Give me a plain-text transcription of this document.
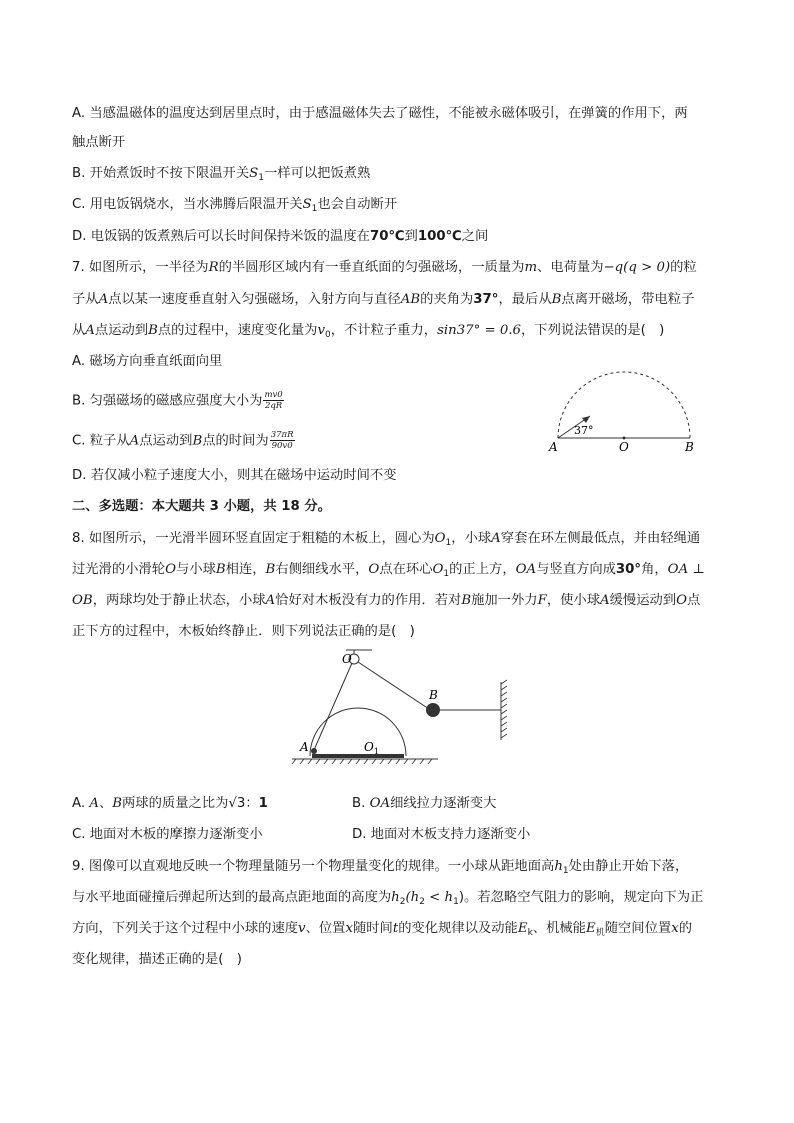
A. 当感温磁体的温度达到居里点时，由于感温磁体失去了磁性，不能被永磁体吸引，在弹簧的作用下，两
触点断开
B. 开始煮饭时不按下限温开关$S_1$一样可以把饭煮熟
C. 用电饭锅烧水，当水沸腾后限温开关$S_1$也会自动断开
D. 电饭锅的饭煮熟后可以长时间保持米饭的温度在70℃到100℃之间
7. 如图所示，一半径为R的半圆形区域内有一垂直纸面的匀强磁场，一质量为m、电荷量为−q(q > 0)的粒
子从A点以某一速度垂直射入匀强磁场，入射方向与直径AB的夹角为37°，最后从B点离开磁场，带电粒子
从A点运动到B点的过程中，速度变化量为$v_0$，不计粒子重力，sin37° = 0.6，下列说法错误的是(　)
A. 磁场方向垂直纸面向里
B. 匀强磁场的磁感应强度大小为 $\frac{mv0}{2qR}$
C. 粒子从A点运动到B点的时间为 $\frac{37\pi R}{90v0}$
D. 若仅减小粒子速度大小，则其在磁场中运动时间不变
A	O	B
37°
二、多选题：本大题共 3 小题，共 18 分。
8. 如图所示，一光滑半圆环竖直固定于粗糙的木板上，圆心为$O_1$，小球A穿套在环左侧最低点，并由轻绳通
过光滑的小滑轮O与小球B相连，B右侧细线水平，O点在环心$O_1$的正上方，OA与竖直方向成30°角，OA ⊥
OB，两球均处于静止状态，小球A恰好对木板没有力的作用．若对B施加一外力F，使小球A缓慢运动到O点
正下方的过程中，木板始终静止．则下列说法正确的是(　)
O
B
A	$O_1$
A. A、B两球的质量之比为√3：1	B. OA细线拉力逐渐变大
C. 地面对木板的摩擦力逐渐变小	D. 地面对木板支持力逐渐变小
9. 图像可以直观地反映一个物理量随另一个物理量变化的规律。一小球从距地面高$h_1$处由静止开始下落，
与水平地面碰撞后弹起所达到的最高点距地面的高度为$h_2(h_2 < h_1)$。若忽略空气阻力的影响，规定向下为正
方向，下列关于这个过程中小球的速度v、位置x随时间t的变化规律以及动能$E_k$、机械能$E_机$随空间位置x的
变化规律，描述正确的是(　)
